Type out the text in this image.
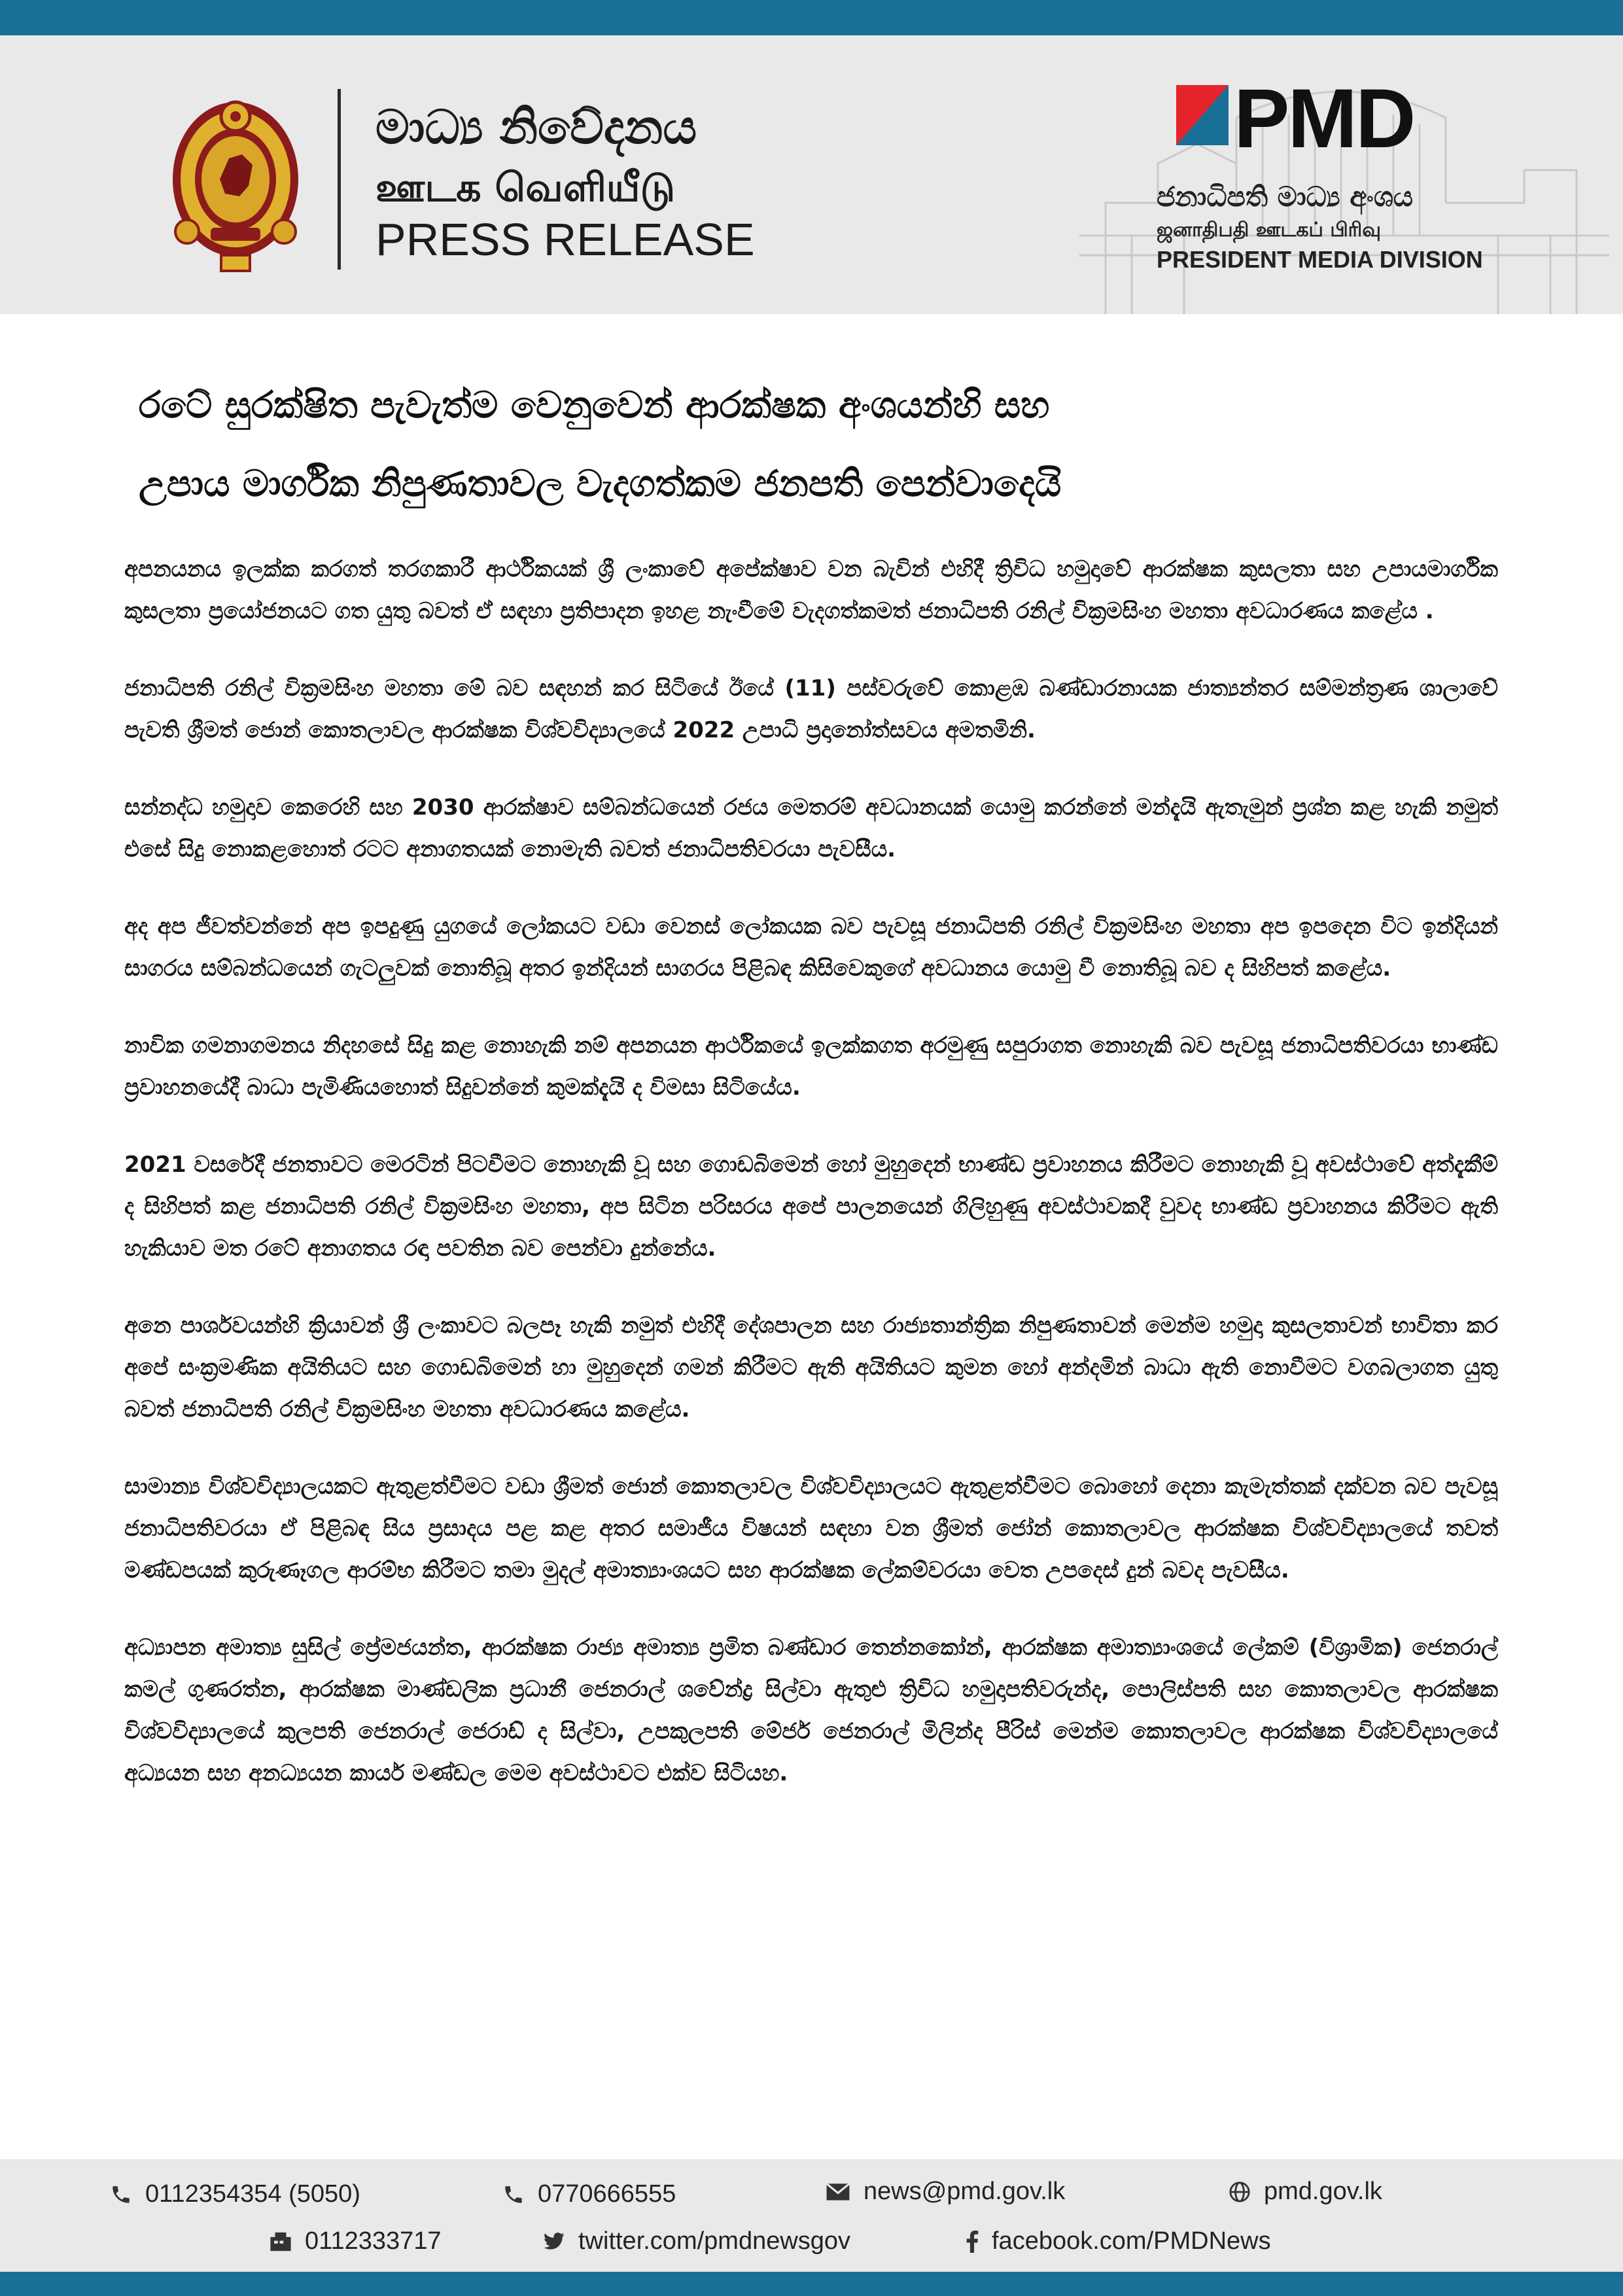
මාධ්‍ය නිවේදනය
ஊடக வெளியீடு
PRESS RELEASE
PMD
ජනාධිපති මාධ්‍ය අංශය
ஜனாதிபதி ஊடகப் பிரிவு
PRESIDENT MEDIA DIVISION
රටේ සුරක්ෂිත පැවැත්ම වෙනුවෙන් ආරක්ෂක අංශයන්හි සහ
උපාය මාර්ගික නිපුණතාවල වැදගත්කම ජනපති පෙන්වාදෙයි

අපනයනය ඉලක්ක කරගත් තරගකාරී ආර්ථිකයක් ශ්‍රී ලංකාවේ අපේක්ෂාව වන බැවින් එහිදී ත්‍රිවිධ හමුදාවේ ආරක්ෂක කුසලතා සහ උපායමාර්ගික කුසලතා ප්‍රයෝජනයට ගත යුතු බවත් ඒ සඳහා ප්‍රතිපාදන ඉහළ නැංවීමේ වැදගත්කමත් ජනාධිපති රනිල් වික්‍රමසිංහ මහතා අවධාරණය කළේය .

ජනාධිපති රනිල් වික්‍රමසිංහ මහතා මේ බව සඳහන් කර සිටියේ ඊයේ (11) පස්වරුවේ කොළඹ බණ්ඩාරනායක ජාත්‍යන්තර සම්මන්ත්‍රණ ශාලාවේ පැවති ශ්‍රීමත් ජොන් කොතලාවල ආරක්ෂක විශ්වවිද්‍යාලයේ 2022 උපාධි ප්‍රදානෝත්සවය අමතමිනි.

සන්නද්ධ හමුදාව කෙරෙහි සහ 2030 ආරක්ෂාව සම්බන්ධයෙන් රජය මෙතරම් අවධානයක් යොමු කරන්නේ මන්දැයි ඇතැමුන් ප්‍රශ්න කළ හැකි නමුත් එසේ සිදු නොකළහොත් රටට අනාගතයක් නොමැති බවත් ජනාධිපතිවරයා පැවසීය.

අද අප ජීවත්වන්නේ අප ඉපදුණු යුගයේ ලෝකයට වඩා වෙනස් ලෝකයක බව පැවසූ ජනාධිපති රනිල් වික්‍රමසිංහ මහතා අප ඉපදෙන විට ඉන්දියන් සාගරය සම්බන්ධයෙන් ගැටලුවක් නොතිබූ අතර ඉන්දියන් සාගරය පිළිබඳ කිසිවෙකුගේ අවධානය යොමු වී නොතිබූ බව ද සිහිපත් කළේය.

නාවික ගමනාගමනය නිදහසේ සිදු කළ නොහැකි නම් අපනයන ආර්ථිකයේ ඉලක්කගත අරමුණු සපුරාගත නොහැකි බව පැවසූ ජනාධිපතිවරයා භාණ්ඩ ප්‍රවාහනයේදී බාධා පැමිණියහොත් සිදුවන්නේ කුමක්දැයි ද විමසා සිටියේය.

2021 වසරේදී ජනතාවට මෙරටින් පිටවීමට නොහැකි වූ සහ ගොඩබිමෙන් හෝ මුහුදෙන් භාණ්ඩ ප්‍රවාහනය කිරීමට නොහැකි වූ අවස්ථාවේ අත්දැකීම් ද සිහිපත් කළ ජනාධිපති රනිල් වික්‍රමසිංහ මහතා, අප සිටින පරිසරය අපේ පාලනයෙන් ගිලිහුණු අවස්ථාවකදී වුවද භාණ්ඩ ප්‍රවාහනය කිරීමට ඇති හැකියාව මත රටේ අනාගතය රඳා පවතින බව පෙන්වා දුන්නේය.

අනෙ පාර්ශවයන්හි ක්‍රියාවන් ශ්‍රී ලංකාවට බලපෑ හැකි නමුත් එහිදී දේශපාලන සහ රාජ්‍යතාන්ත්‍රික නිපුණතාවන් මෙන්ම හමුදා කුසලතාවන් භාවිතා කර අපේ සංක්‍රමණික අයිතියට සහ ගොඩබිමෙන් හා මුහුදෙන් ගමන් කිරීමට ඇති අයිතියට කුමන හෝ අන්දමින් බාධා ඇති නොවීමට වගබලාගත යුතු බවත් ජනාධිපති රනිල් වික්‍රමසිංහ මහතා අවධාරණය කළේය.

සාමාන්‍ය විශ්වවිද්‍යාලයකට ඇතුළත්වීමට වඩා ශ්‍රීමත් ජොන් කොතලාවල විශ්වවිද්‍යාලයට ඇතුළත්වීමට බොහෝ දෙනා කැමැත්තක් දක්වන බව පැවසූ ජනාධිපතිවරයා ඒ පිළිබඳ සිය ප්‍රසාදය පළ කළ අතර සමාජීය විෂයන් සඳහා වන ශ්‍රීමත් ජෝන් කොතලාවල ආරක්ෂක විශ්වවිද්‍යාලයේ තවත් මණ්ඩපයක් කුරුණෑගල ආරම්භ කිරීමට තමා මුදල් අමාත්‍යාංශයට සහ ආරක්ෂක ලේකම්වරයා වෙත උපදෙස් දුන් බවද පැවසීය.

අධ්‍යාපන අමාත්‍ය සුසිල් ප්‍රේමජයන්ත, ආරක්ෂක රාජ්‍ය අමාත්‍ය ප්‍රමිත බණ්ඩාර තෙන්නකෝන්, ආරක්ෂක අමාත්‍යාංශයේ ලේකම් (විශ්‍රාමික) ජෙනරාල් කමල් ගුණරත්න, ආරක්ෂක මාණ්ඩලික ප්‍රධානී ජෙනරාල් ශවේන්ද්‍ර සිල්වා ඇතුළු ත්‍රිවිධ හමුදාපතිවරුන්ද, පොලිස්පති සහ කොතලාවල ආරක්ෂක විශ්වවිද්‍යාලයේ කුලපති ජෙනරාල් ජෙරාඩ් ද සිල්වා, උපකුලපති මේජර් ජෙනරාල් මිලින්ද පීරිස් මෙන්ම කොතලාවල ආරක්ෂක විශ්වවිද්‍යාලයේ අධ්‍යයන සහ අනධ්‍යයන කාර්ය මණ්ඩල මෙම අවස්ථාවට එක්ව සිටියහ.

0112354354 (5050)	0770666555	news@pmd.gov.lk	pmd.gov.lk
0112333717	twitter.com/pmdnewsgov	facebook.com/PMDNews
